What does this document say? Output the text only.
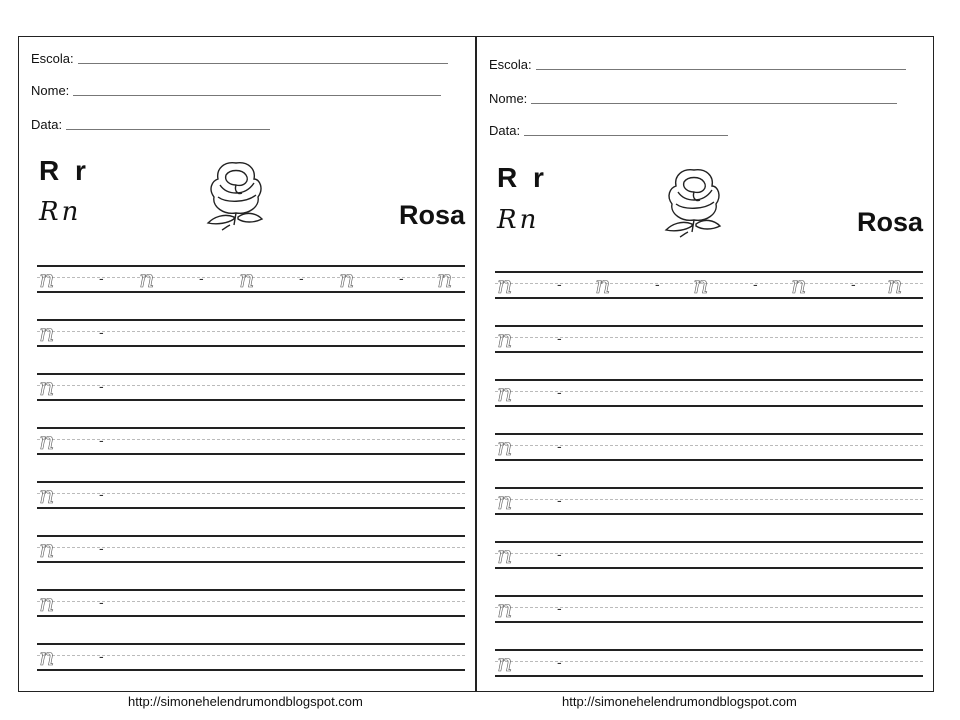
Escola:
Nome:
Data:
R r
Rn	Rosa
n	- n	- n	- n	- n
n	-
n	-
n	-
n	-
n	-
n	-
n	-
Escola:
Nome:
Data:
R r
Rn	Rosa
n	- n	- n	- n	- n
n	-
n	-
n	-
n	-
n	-
n	-
n	-
http://simonehelendrumondblogspot.com	http://simonehelendrumondblogspot.com
